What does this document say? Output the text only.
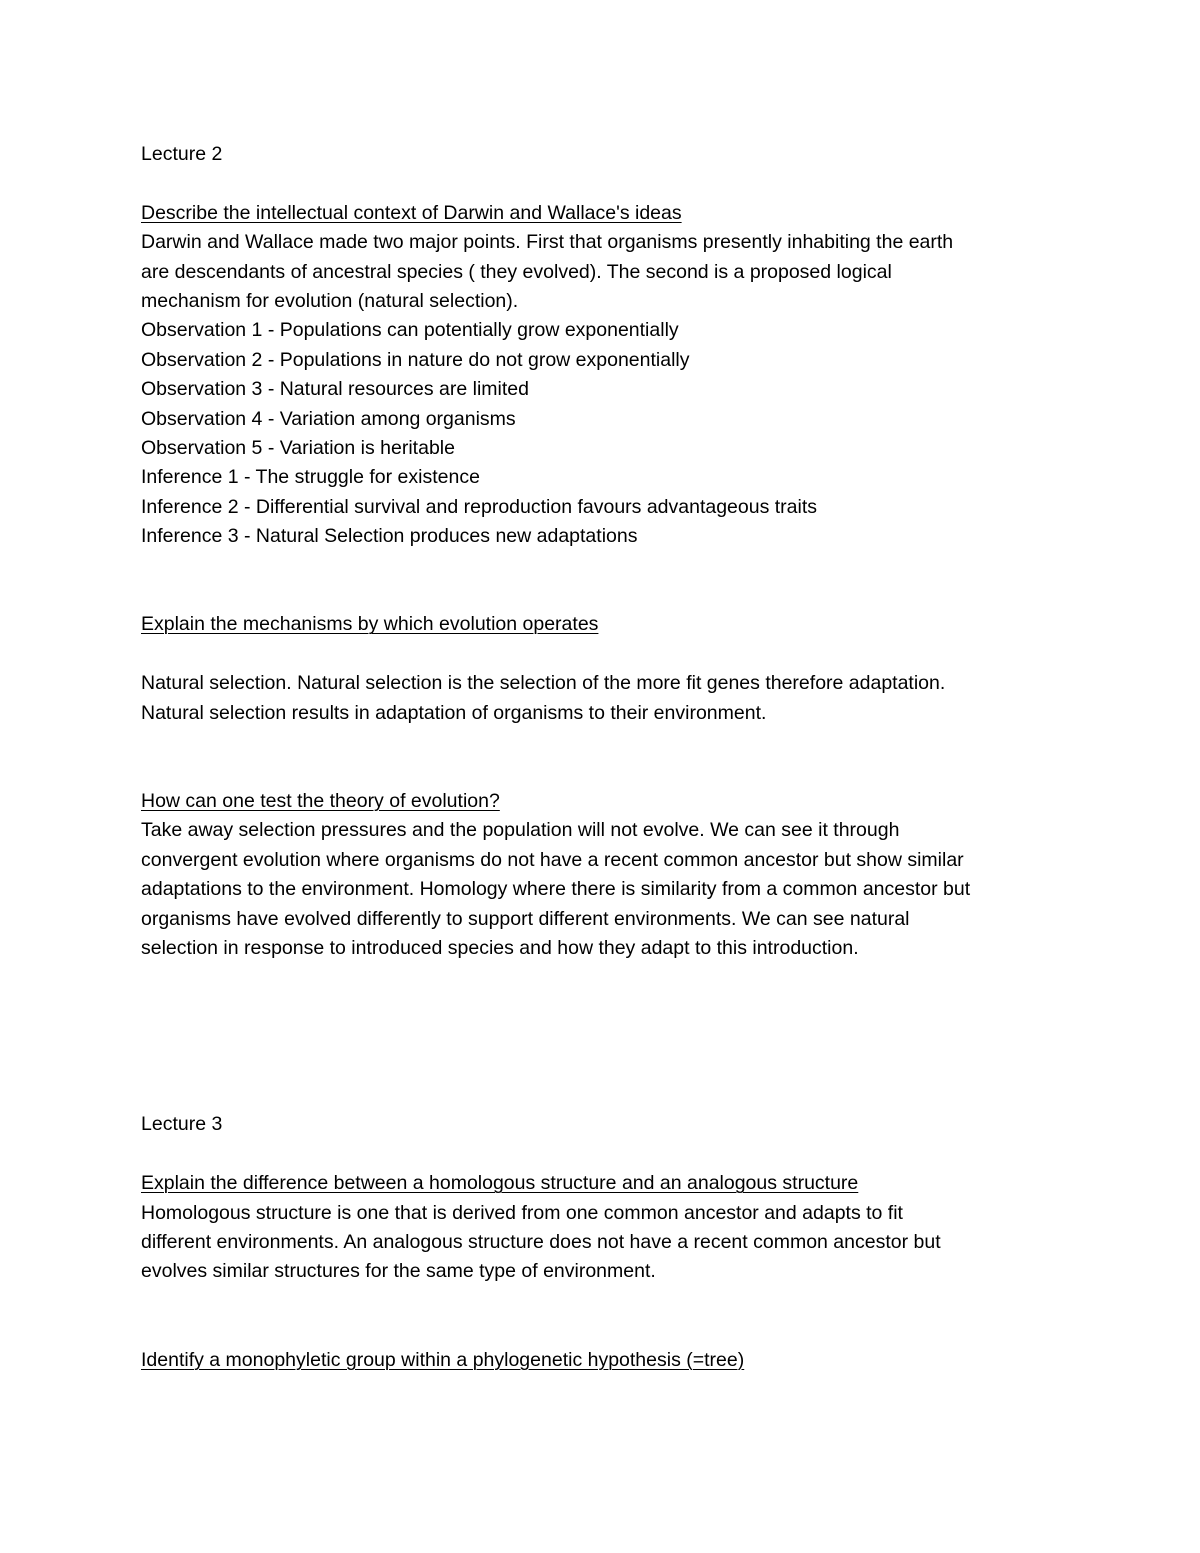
Lecture 2

Describe the intellectual context of Darwin and Wallace's ideas

Darwin and Wallace made two major points. First that organisms presently inhabiting the earth

are descendants of ancestral species ( they evolved). The second is a proposed logical

mechanism for evolution (natural selection).

Observation 1 - Populations can potentially grow exponentially

Observation 2 - Populations in nature do not grow exponentially

Observation 3 - Natural resources are limited

Observation 4 - Variation among organisms

Observation 5 - Variation is heritable

Inference 1 - The struggle for existence

Inference 2 - Differential survival and reproduction favours advantageous traits

Inference 3 - Natural Selection produces new adaptations

Explain the mechanisms by which evolution operates

Natural selection. Natural selection is the selection of the more fit genes therefore adaptation.

Natural selection results in adaptation of organisms to their environment.

How can one test the theory of evolution?

Take away selection pressures and the population will not evolve. We can see it through

convergent evolution where organisms do not have a recent common ancestor but show similar

adaptations to the environment. Homology where there is similarity from a common ancestor but

organisms have evolved differently to support different environments. We can see natural

selection in response to introduced species and how they adapt to this introduction.

Lecture 3

Explain the difference between a homologous structure and an analogous structure

Homologous structure is one that is derived from one common ancestor and adapts to fit

different environments. An analogous structure does not have a recent common ancestor but

evolves similar structures for the same type of environment.

Identify a monophyletic group within a phylogenetic hypothesis (=tree)
